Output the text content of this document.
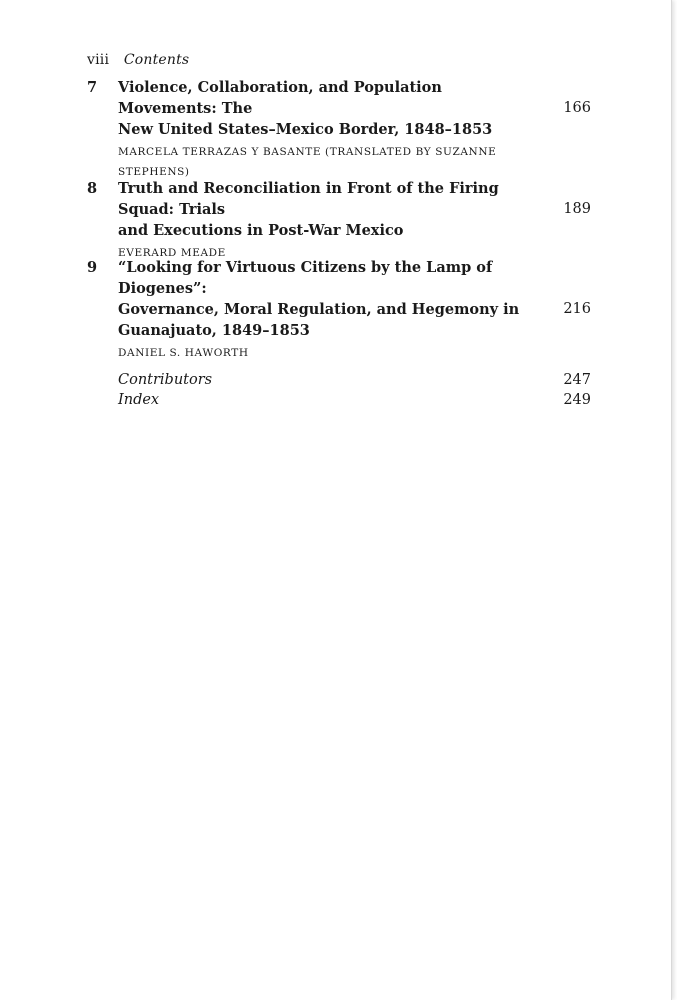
viii Contents
7 Violence, Collaboration, and Population Movements: The
New United States–Mexico Border, 1848–1853
166
MARCELA TERRAZAS Y BASANTE (TRANSLATED BY SUZANNE STEPHENS)
8 Truth and Reconciliation in Front of the Firing Squad: Trials
and Executions in Post-War Mexico
189
EVERARD MEADE
9 “Looking for Virtuous Citizens by the Lamp of Diogenes”:
Governance, Moral Regulation, and Hegemony in
Guanajuato, 1849–1853
216
DANIEL S. HAWORTH
Contributors	247
Index	249
